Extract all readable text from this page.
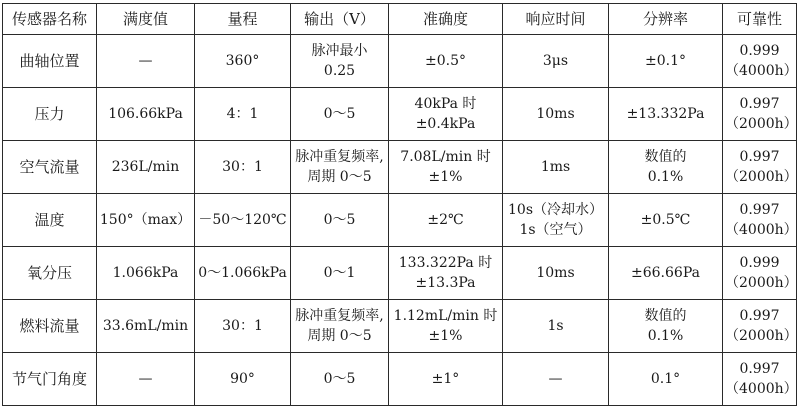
传感器名称	满度值	量程	输出（V）	准确度	响应时间	分辨率	可靠性
曲轴位置	—	360°	脉冲最小
0.25	±0.5°	3μs	±0.1°	0.999
（4000h）

压力	106.66kPa	4：1	0～5	40kPa 时
±0.4kPa	10ms	±13.332Pa	0.997
（2000h）

空气流量	236L/min	30：1	脉冲重复频率,
周期 0～5	7.08L/min 时
±1%	1ms	数值的
0.1%	0.997
（2000h）

温度	150°（max）	－50～120℃	0～5	±2℃	10s（冷却水）
1s（空气）	±0.5℃	0.997
（4000h）

氧分压	1.066kPa	0～1.066kPa	0～1	133.322Pa 时
±13.3Pa	10ms	±66.66Pa	0.999
（2000h）

燃料流量	33.6mL/min	30：1	脉冲重复频率,
周期 0～5	1.12mL/min 时
±1%	1s	数值的
0.1%	0.997
（2000h）

节气门角度	—	90°	0～5	±1°	—	0.1°	0.997
（4000h）
